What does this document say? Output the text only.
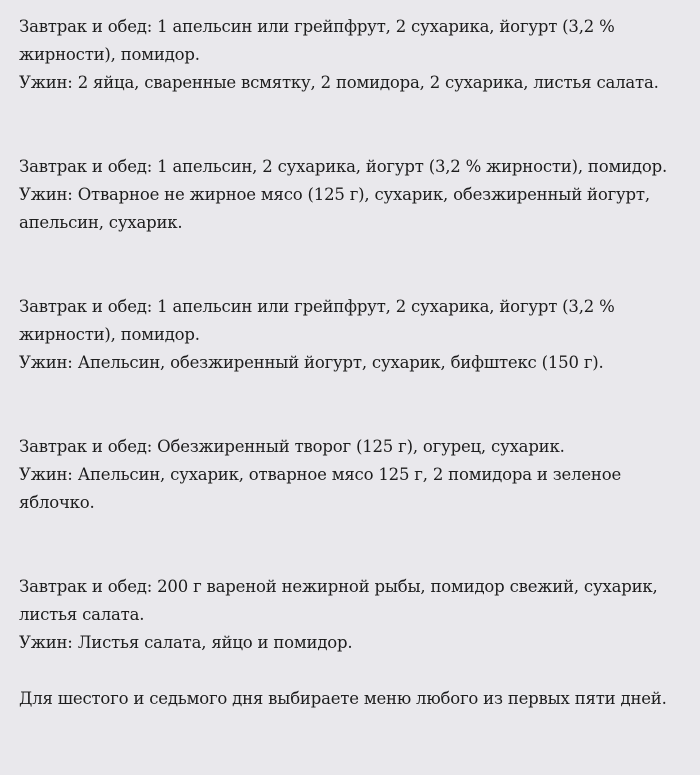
Завтрак и обед: 1 апельсин или грейпфрут, 2 сухарика, йогурт (3,2 % жирности), помидор.

Ужин: 2 яйца, сваренные всмятку, 2 помидора, 2 сухарика, листья салата.

Завтрак и обед: 1 апельсин, 2 сухарика, йогурт (3,2 % жирности), помидор.

Ужин: Отварное не жирное мясо (125 г), сухарик, обезжиренный йогурт, апельсин, сухарик.

Завтрак и обед: 1 апельсин или грейпфрут, 2 сухарика, йогурт (3,2 % жирности), помидор.

Ужин: Апельсин, обезжиренный йогурт, сухарик, бифштекс (150 г).

Завтрак и обед: Обезжиренный творог (125 г), огурец, сухарик.

Ужин: Апельсин, сухарик, отварное мясо 125 г, 2 помидора и зеленое яблочко.

Завтрак и обед: 200 г вареной нежирной рыбы, помидор свежий, сухарик, листья салата.

Ужин: Листья салата, яйцо и помидор.

Для шестого и седьмого дня выбираете меню любого из первых пяти дней.
